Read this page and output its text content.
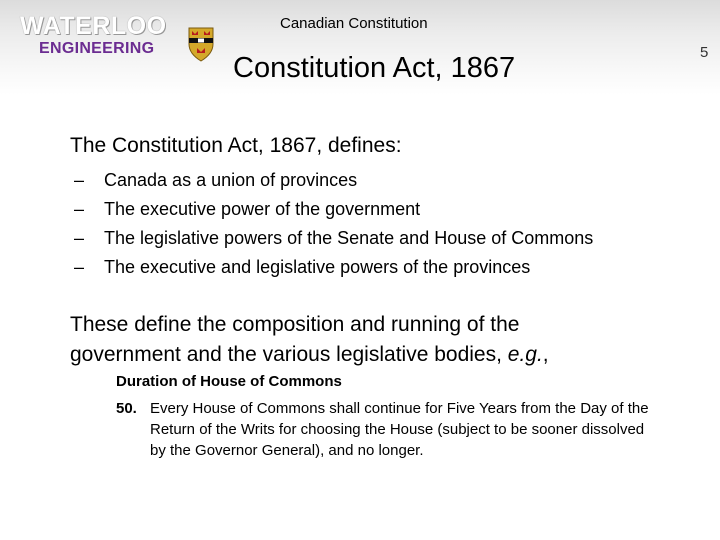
WATERLOO
ENGINEERING
Canadian Constitution
5
Constitution Act, 1867
The Constitution Act, 1867, defines:
– Canada as a union of provinces
– The executive power of the government
– The legislative powers of the Senate and House of Commons
– The executive and legislative powers of the provinces
These define the composition and running of the government and the various legislative bodies, e.g.,
Duration of House of Commons
50. Every House of Commons shall continue for Five Years from the Day of the Return of the Writs for choosing the House (subject to be sooner dissolved by the Governor General), and no longer.
